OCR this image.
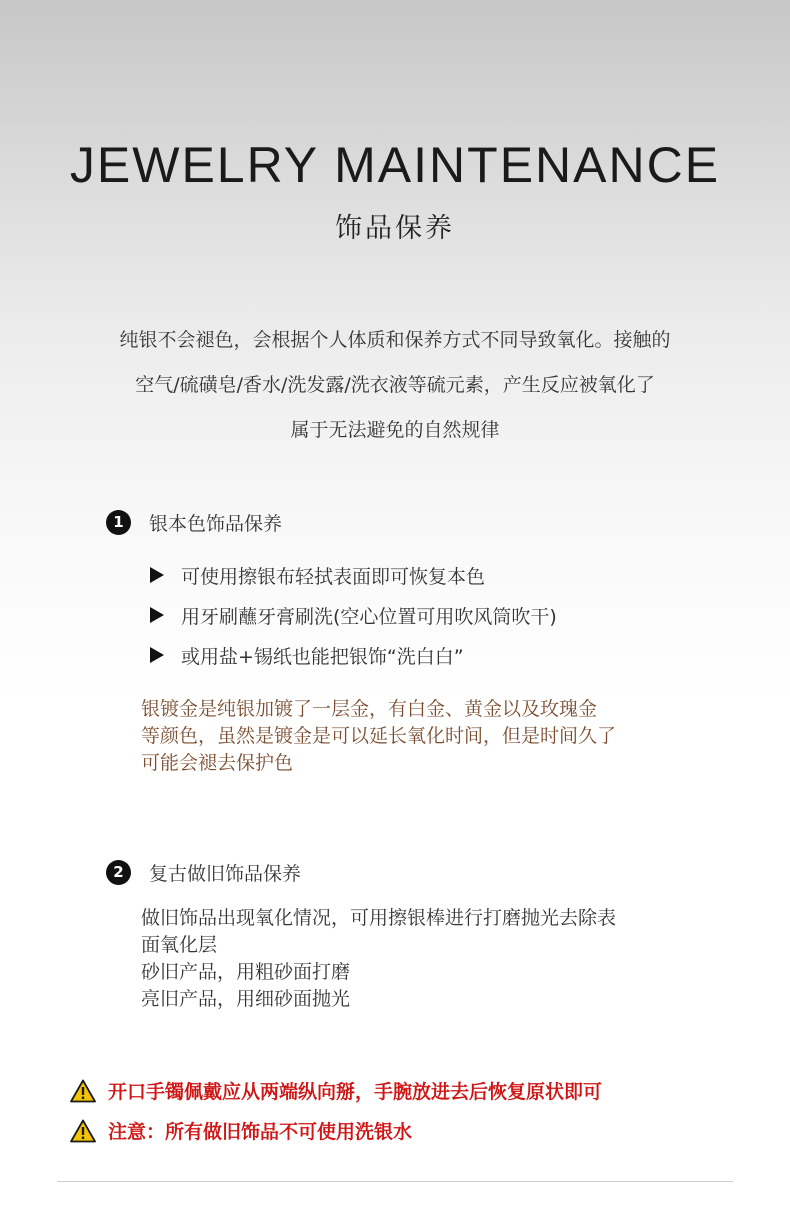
JEWELRY MAINTENANCE
饰品保养
纯银不会褪色，会根据个人体质和保养方式不同导致氧化。接触的
空气/硫磺皂/香水/洗发露/洗衣液等硫元素，产生反应被氧化了
属于无法避免的自然规律
1	银本色饰品保养
可使用擦银布轻拭表面即可恢复本色
用牙刷蘸牙膏刷洗(空心位置可用吹风筒吹干)
或用盐+锡纸也能把银饰“洗白白”
银镀金是纯银加镀了一层金，有白金、黄金以及玫瑰金
等颜色，虽然是镀金是可以延长氧化时间，但是时间久了
可能会褪去保护色
2	复古做旧饰品保养
做旧饰品出现氧化情况，可用擦银棒进行打磨抛光去除表
面氧化层
砂旧产品，用粗砂面打磨
亮旧产品，用细砂面抛光
开口手镯佩戴应从两端纵向掰，手腕放进去后恢复原状即可
注意：所有做旧饰品不可使用洗银水
